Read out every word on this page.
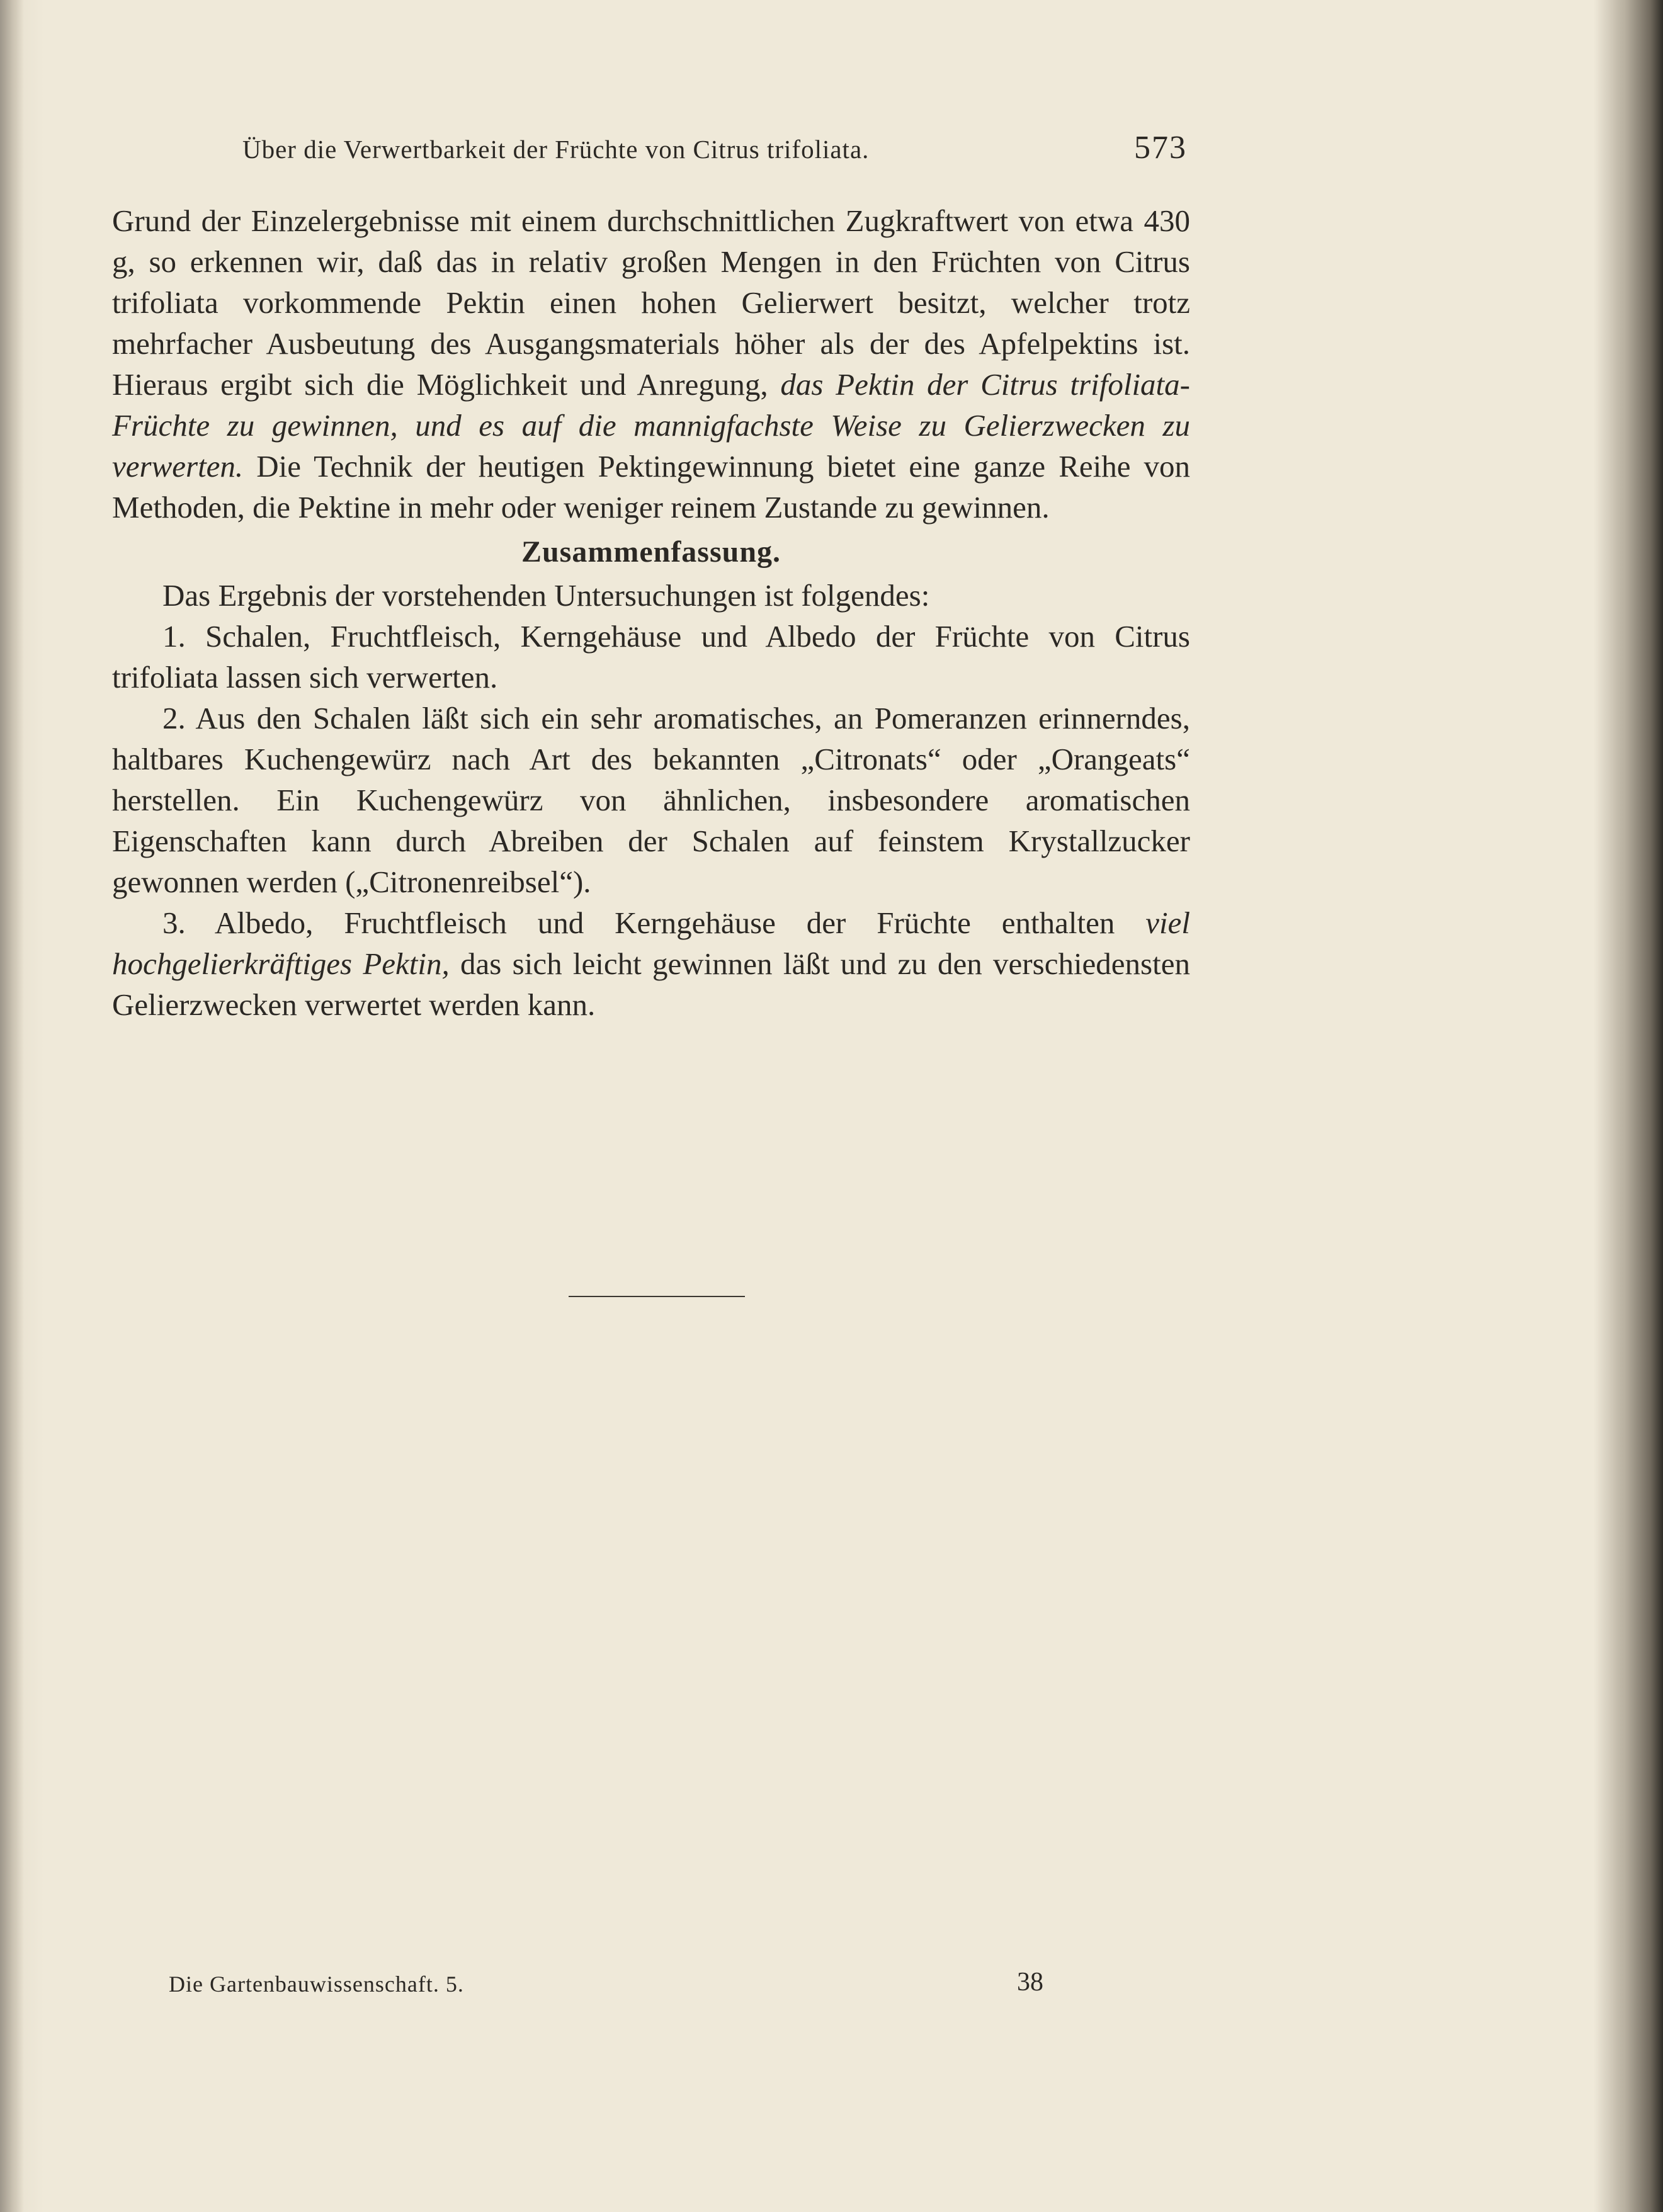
Über die Verwertbarkeit der Früchte von Citrus trifoliata.	573

Grund der Einzelergebnisse mit einem durchschnittlichen Zugkraftwert von etwa 430 g, so erkennen wir, daß das in relativ großen Mengen in den Früchten von Citrus trifoliata vorkommende Pektin einen hohen Gelierwert besitzt, welcher trotz mehrfacher Ausbeutung des Ausgangsmaterials höher als der des Apfelpektins ist. Hieraus ergibt sich die Möglichkeit und Anregung, das Pektin der Citrus trifoliata-Früchte zu gewinnen, und es auf die mannigfachste Weise zu Gelierzwecken zu verwerten. Die Technik der heutigen Pektingewinnung bietet eine ganze Reihe von Methoden, die Pektine in mehr oder weniger reinem Zustande zu gewinnen.

Zusammenfassung.

Das Ergebnis der vorstehenden Untersuchungen ist folgendes:

1. Schalen, Fruchtfleisch, Kerngehäuse und Albedo der Früchte von Citrus trifoliata lassen sich verwerten.

2. Aus den Schalen läßt sich ein sehr aromatisches, an Pomeranzen erinnerndes, haltbares Kuchengewürz nach Art des bekannten „Citronats“ oder „Orangeats“ herstellen. Ein Kuchengewürz von ähnlichen, insbesondere aromatischen Eigenschaften kann durch Abreiben der Schalen auf feinstem Krystallzucker gewonnen werden („Citronenreibsel“).

3. Albedo, Fruchtfleisch und Kerngehäuse der Früchte enthalten viel hochgelierkräftiges Pektin, das sich leicht gewinnen läßt und zu den verschiedensten Gelierzwecken verwertet werden kann.

Die Gartenbauwissenschaft. 5.	38
